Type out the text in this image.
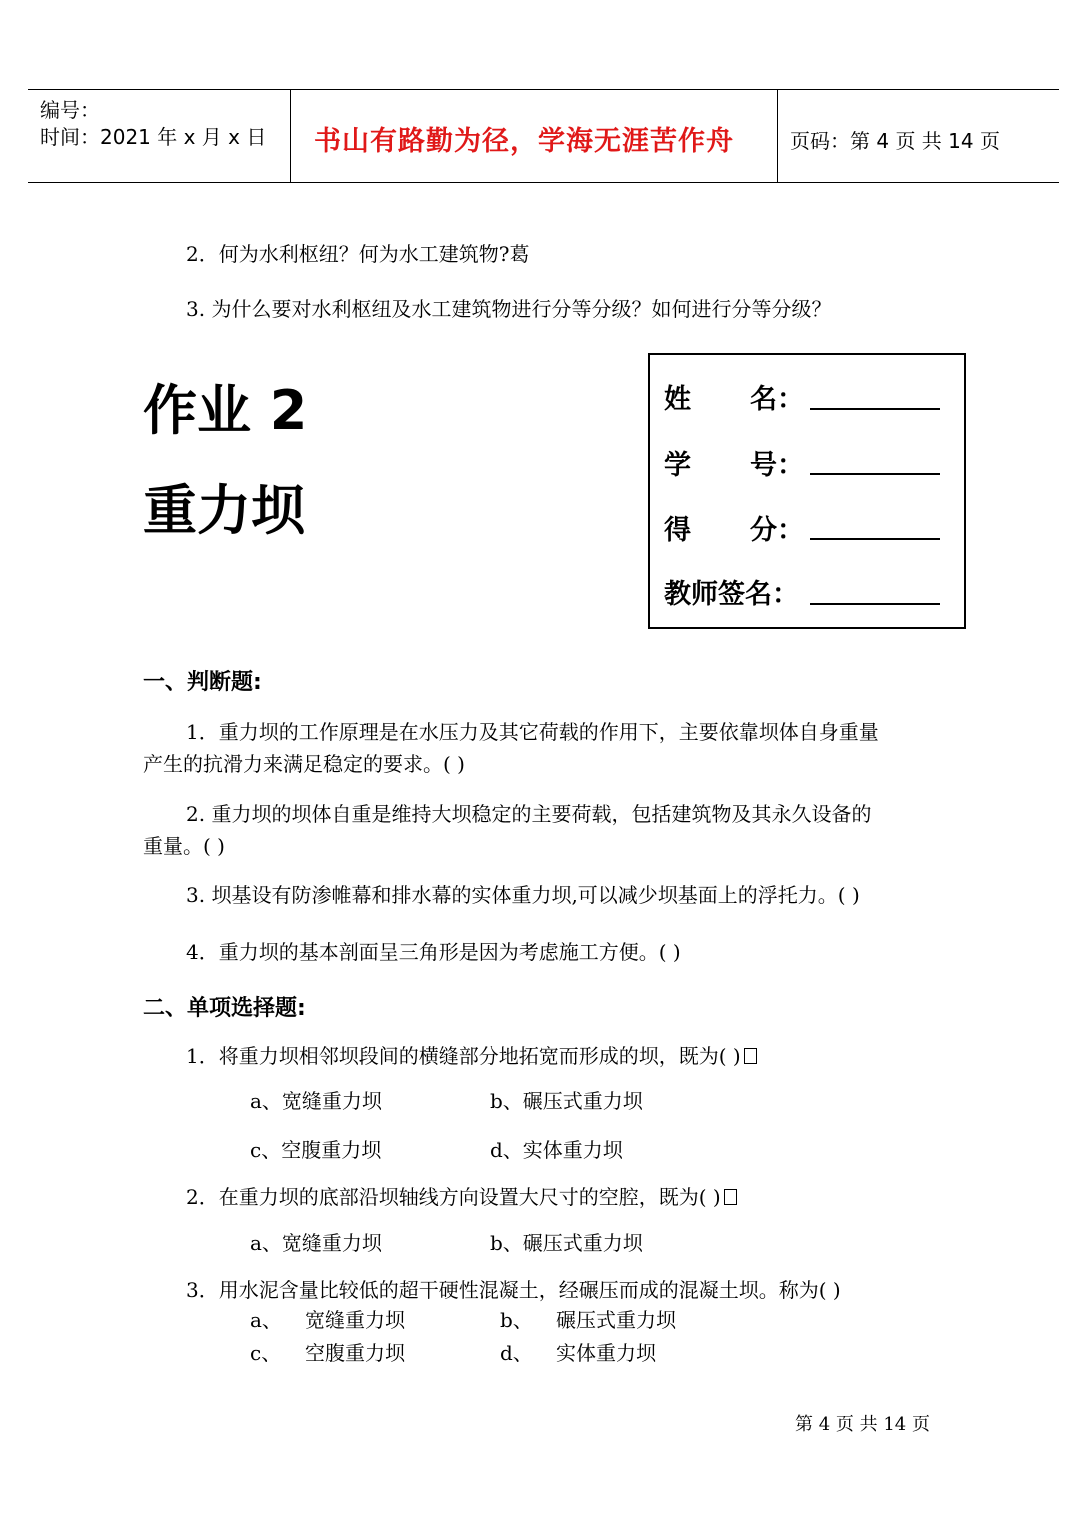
编号：
时间：2021 年 x 月 x 日 书山有路勤为径，学海无涯苦作舟	页码：第 4 页 共 14 页
2．何为水利枢纽？何为水工建筑物?葛
3. 为什么要对水利枢纽及水工建筑物进行分等分级？如何进行分等分级？
作业 2
重力坝
姓 名：
学 号：
得 分：
教师签名：
一、判断题:
1．重力坝的工作原理是在水压力及其它荷载的作用下，主要依靠坝体自身重量
产生的抗滑力来满足稳定的要求。( )
2. 重力坝的坝体自重是维持大坝稳定的主要荷载，包括建筑物及其永久设备的
重量。( )
3. 坝基设有防渗帷幕和排水幕的实体重力坝,可以减少坝基面上的浮托力。( )
4．重力坝的基本剖面呈三角形是因为考虑施工方便。( )
二、单项选择题:
1．将重力坝相邻坝段间的横缝部分地拓宽而形成的坝，既为( )
a、宽缝重力坝	b、碾压式重力坝
c、空腹重力坝	d、实体重力坝
2．在重力坝的底部沿坝轴线方向设置大尺寸的空腔，既为( )
a、宽缝重力坝	b、碾压式重力坝
3．用水泥含量比较低的超干硬性混凝土，经碾压而成的混凝土坝。称为( )
a、 宽缝重力坝	b、 碾压式重力坝
c、 空腹重力坝	d、 实体重力坝
第 4 页 共 14 页
